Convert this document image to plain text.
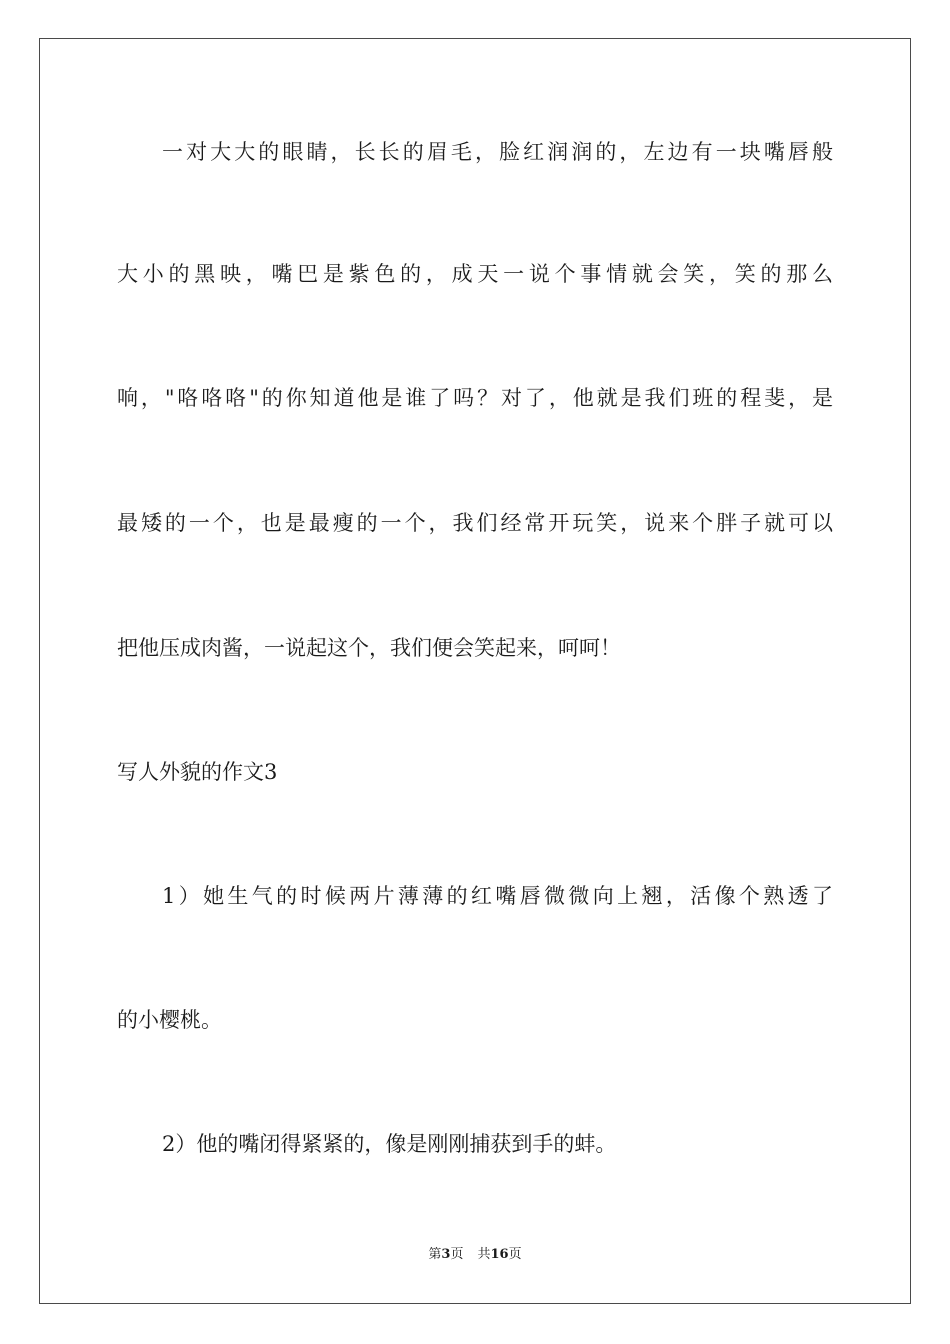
一对大大的眼睛，长长的眉毛，脸红润润的，左边有一块嘴唇般
大小的黑映，嘴巴是紫色的，成天一说个事情就会笑，笑的那么
响，"咯咯咯"的你知道他是谁了吗？对了，他就是我们班的程斐，是
最矮的一个，也是最瘦的一个，我们经常开玩笑，说来个胖子就可以
把他压成肉酱，一说起这个，我们便会笑起来，呵呵！
写人外貌的作文3
1）她生气的时候两片薄薄的红嘴唇微微向上翘，活像个熟透了
的小樱桃。
2）他的嘴闭得紧紧的，像是刚刚捕获到手的蚌。
第3页 共16页
